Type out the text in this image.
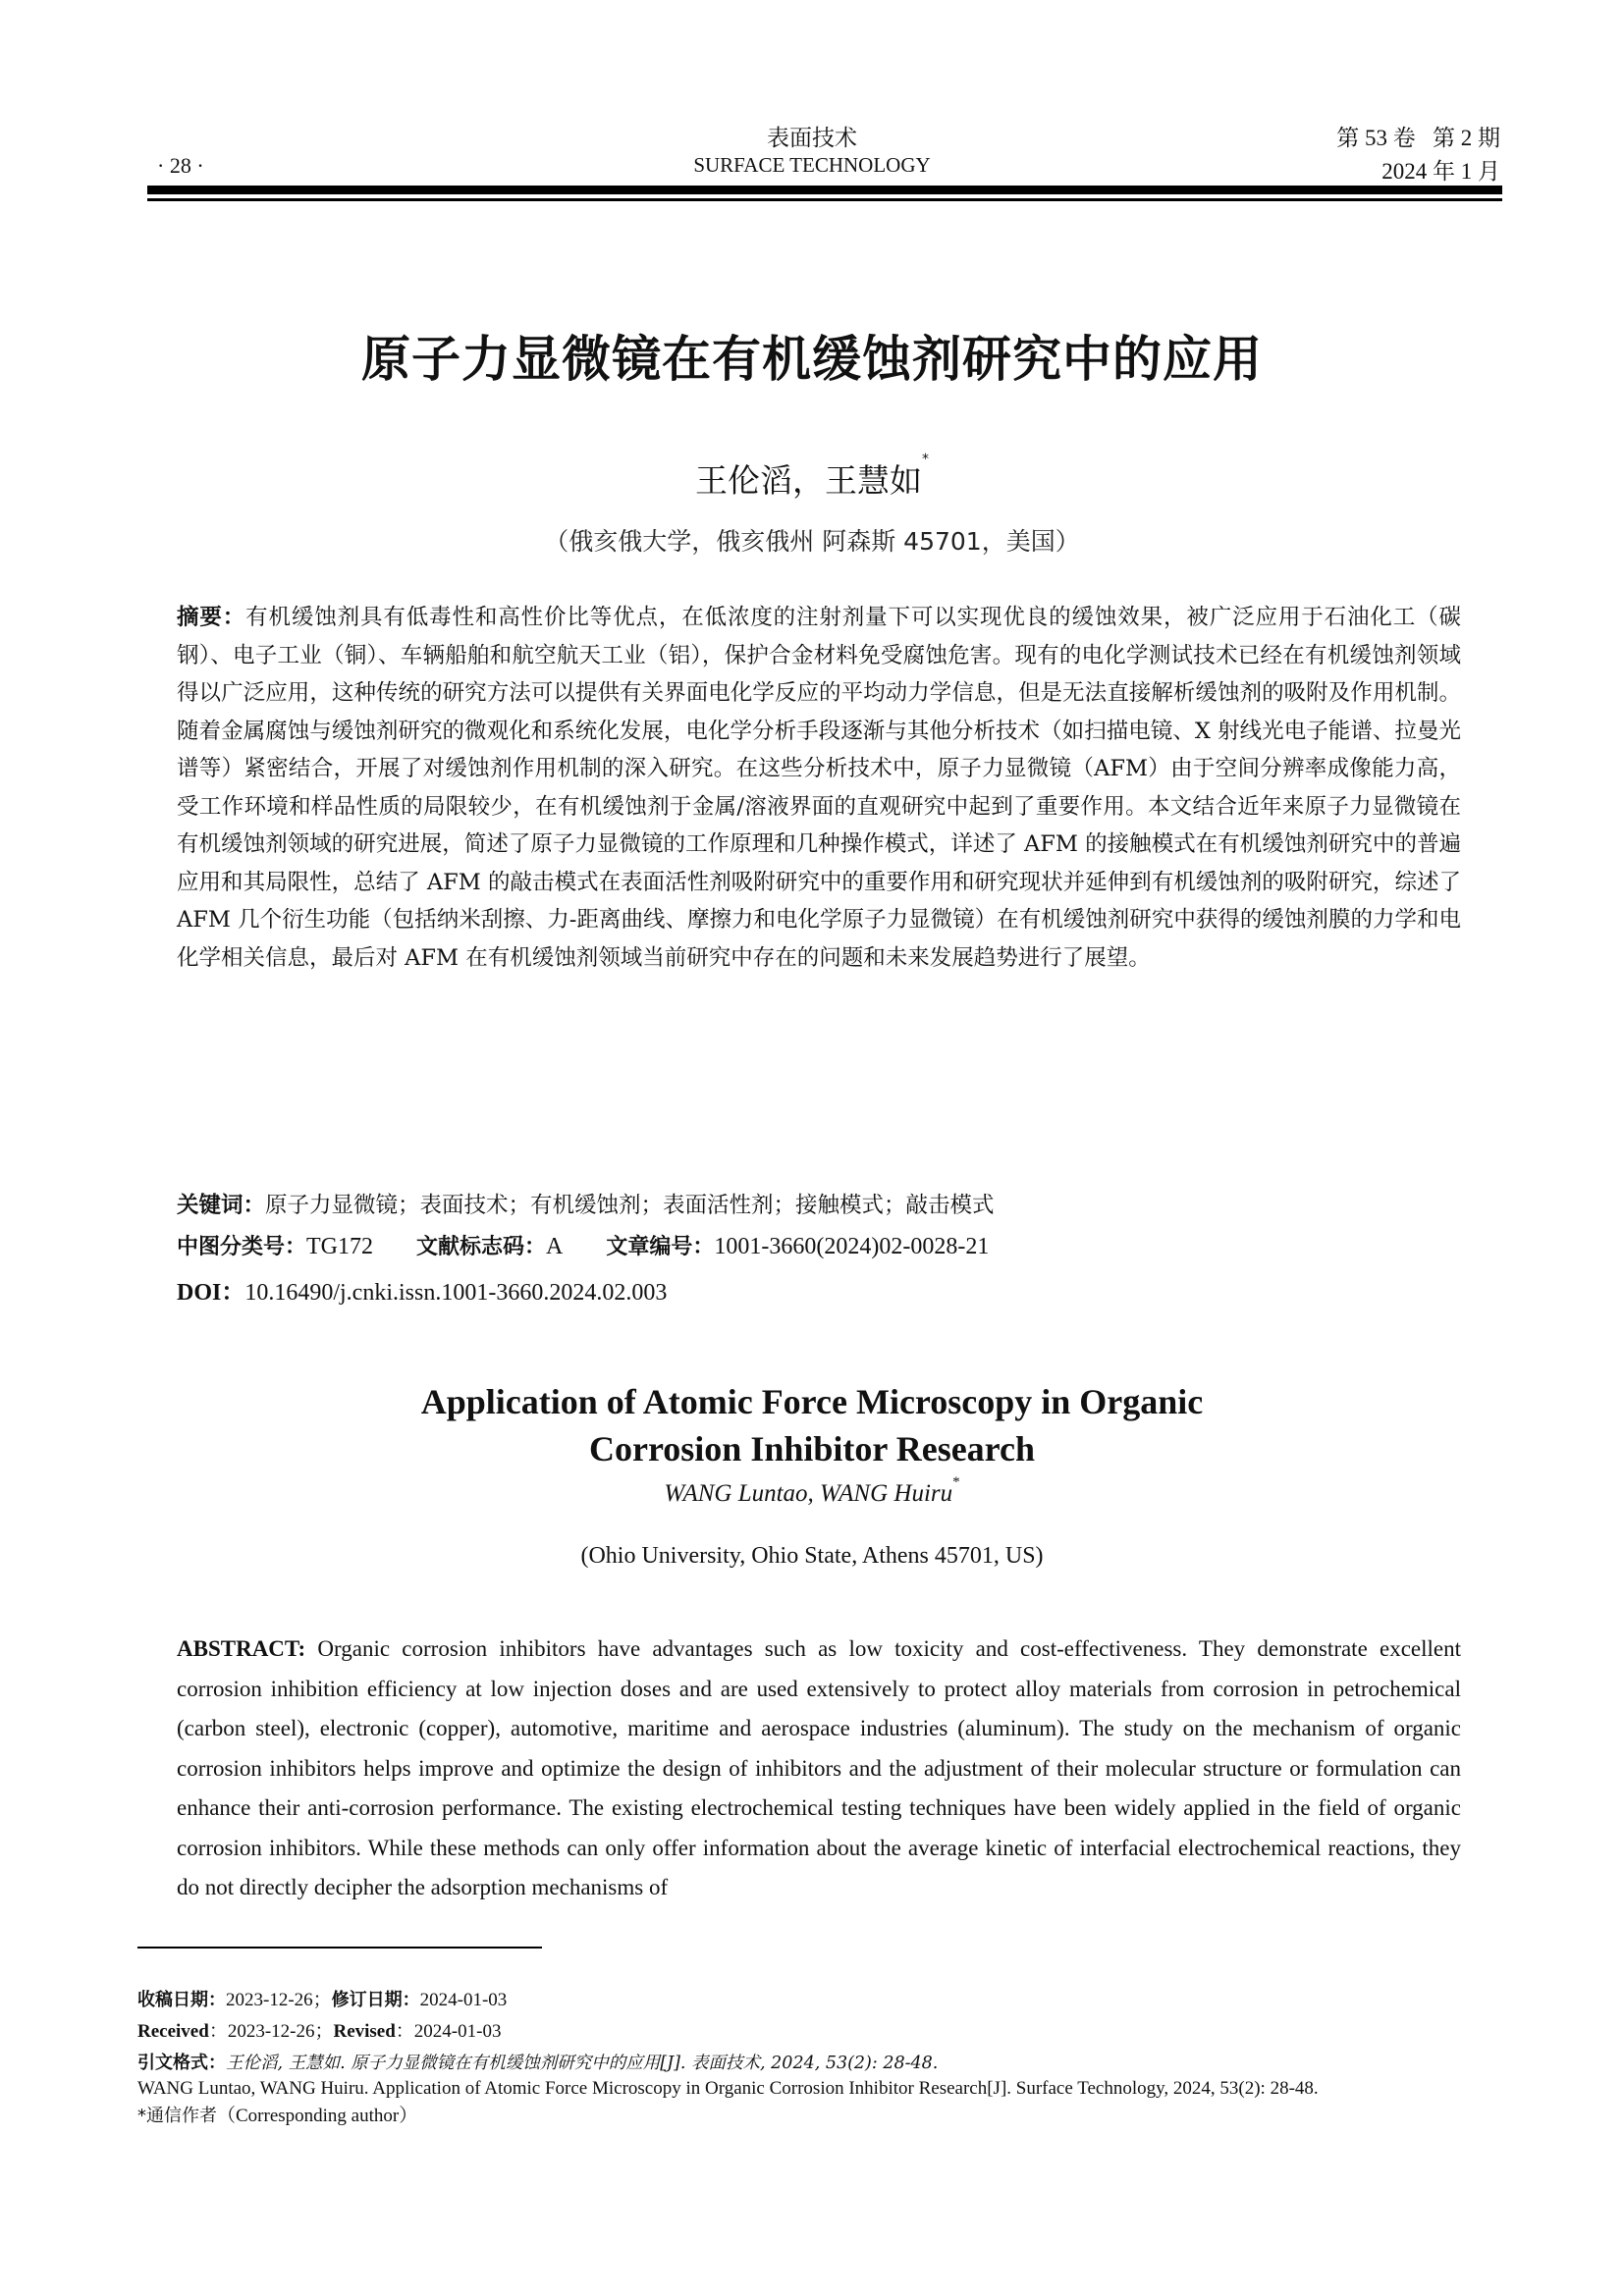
· 28 ·
表面技术
SURFACE TECHNOLOGY
第 53 卷   第 2 期
2024 年 1 月
原子力显微镜在有机缓蚀剂研究中的应用
王伦滔，王慧如*
（俄亥俄大学，俄亥俄州 阿森斯 45701，美国）
摘要：有机缓蚀剂具有低毒性和高性价比等优点，在低浓度的注射剂量下可以实现优良的缓蚀效果，被广泛应用于石油化工（碳钢）、电子工业（铜）、车辆船舶和航空航天工业（铝），保护合金材料免受腐蚀危害。现有的电化学测试技术已经在有机缓蚀剂领域得以广泛应用，这种传统的研究方法可以提供有关界面电化学反应的平均动力学信息，但是无法直接解析缓蚀剂的吸附及作用机制。随着金属腐蚀与缓蚀剂研究的微观化和系统化发展，电化学分析手段逐渐与其他分析技术（如扫描电镜、X 射线光电子能谱、拉曼光谱等）紧密结合，开展了对缓蚀剂作用机制的深入研究。在这些分析技术中，原子力显微镜（AFM）由于空间分辨率成像能力高，受工作环境和样品性质的局限较少，在有机缓蚀剂于金属/溶液界面的直观研究中起到了重要作用。本文结合近年来原子力显微镜在有机缓蚀剂领域的研究进展，简述了原子力显微镜的工作原理和几种操作模式，详述了 AFM 的接触模式在有机缓蚀剂研究中的普遍应用和其局限性，总结了 AFM 的敲击模式在表面活性剂吸附研究中的重要作用和研究现状并延伸到有机缓蚀剂的吸附研究，综述了 AFM 几个衍生功能（包括纳米刮擦、力-距离曲线、摩擦力和电化学原子力显微镜）在有机缓蚀剂研究中获得的缓蚀剂膜的力学和电化学相关信息，最后对 AFM 在有机缓蚀剂领域当前研究中存在的问题和未来发展趋势进行了展望。
关键词：原子力显微镜；表面技术；有机缓蚀剂；表面活性剂；接触模式；敲击模式
中图分类号：TG172 文献标志码：A 文章编号：1001-3660(2024)02-0028-21
DOI：10.16490/j.cnki.issn.1001-3660.2024.02.003
Application of Atomic Force Microscopy in Organic
Corrosion Inhibitor Research
WANG Luntao, WANG Huiru*
(Ohio University, Ohio State, Athens 45701, US)
ABSTRACT: Organic corrosion inhibitors have advantages such as low toxicity and cost-effectiveness. They demonstrate excellent corrosion inhibition efficiency at low injection doses and are used extensively to protect alloy materials from corrosion in petrochemical (carbon steel), electronic (copper), automotive, maritime and aerospace industries (aluminum). The study on the mechanism of organic corrosion inhibitors helps improve and optimize the design of inhibitors and the adjustment of their molecular structure or formulation can enhance their anti-corrosion performance. The existing electrochemical testing techniques have been widely applied in the field of organic corrosion inhibitors. While these methods can only offer information about the average kinetic of interfacial electrochemical reactions, they do not directly decipher the adsorption mechanisms of
收稿日期：2023-12-26；修订日期：2024-01-03
Received：2023-12-26；Revised：2024-01-03
引文格式：王伦滔, 王慧如. 原子力显微镜在有机缓蚀剂研究中的应用[J]. 表面技术, 2024, 53(2): 28-48.
WANG Luntao, WANG Huiru. Application of Atomic Force Microscopy in Organic Corrosion Inhibitor Research[J]. Surface Technology, 2024, 53(2): 28-48.
*通信作者（Corresponding author）
